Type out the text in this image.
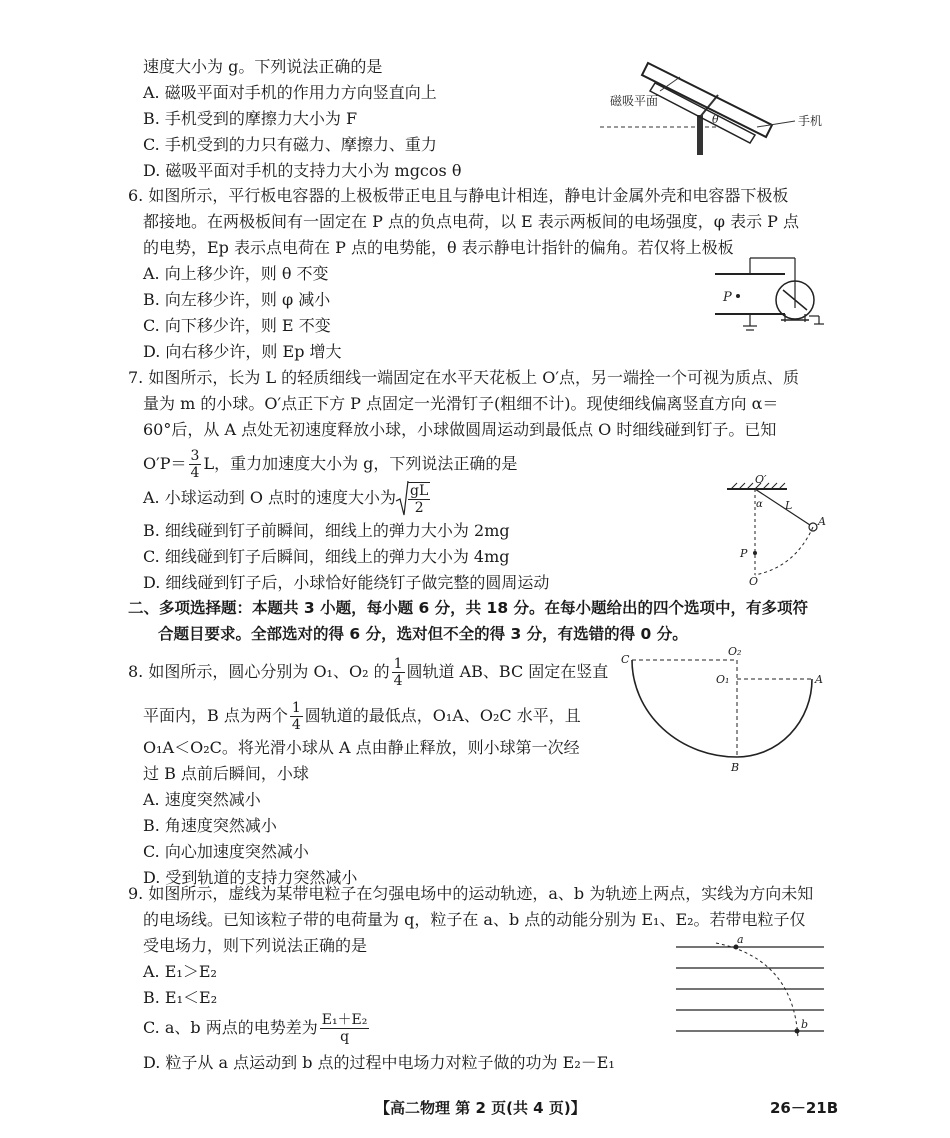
速度大小为 g。下列说法正确的是
A. 磁吸平面对手机的作用力方向竖直向上
B. 手机受到的摩擦力大小为 F
C. 手机受到的力只有磁力、摩擦力、重力
D. 磁吸平面对手机的支持力大小为 mgcos θ
磁吸平面
手机
θ
6. 如图所示，平行板电容器的上极板带正电且与静电计相连，静电计金属外壳和电容器下极板
都接地。在两极板间有一固定在 P 点的负点电荷，以 E 表示两板间的电场强度，φ 表示 P 点
的电势，Ep 表示点电荷在 P 点的电势能，θ 表示静电计指针的偏角。若仅将上极板
A. 向上移少许，则 θ 不变
B. 向左移少许，则 φ 减小
C. 向下移少许，则 E 不变
D. 向右移少许，则 Ep 增大
P
7. 如图所示，长为 L 的轻质细线一端固定在水平天花板上 O′点，另一端拴一个可视为质点、质
量为 m 的小球。O′点正下方 P 点固定一光滑钉子(粗细不计)。现使细线偏离竖直方向 α＝
60°后，从 A 点处无初速度释放小球，小球做圆周运动到最低点 O 时细线碰到钉子。已知
$O'P= \frac{3}{4}$ L，重力加速度大小为 g，下列说法正确的是
A. 小球运动到 O 点时的速度大小为 $\frac{gL}{2}$
B. 细线碰到钉子前瞬间，细线上的弹力大小为 2mg
C. 细线碰到钉子后瞬间，细线上的弹力大小为 4mg
D. 细线碰到钉子后，小球恰好能绕钉子做完整的圆周运动
O′
α L
A
P
O
二、多项选择题：本题共 3 小题，每小题 6 分，共 18 分。在每小题给出的四个选项中，有多项符
合题目要求。全部选对的得 6 分，选对但不全的得 3 分，有选错的得 0 分。
8. 如图所示，圆心分别为 O₁、O₂ 的 $\frac{1}{4}$ 圆轨道 AB、BC 固定在竖直
平面内，B 点为两个 $\frac{1}{4}$ 圆轨道的最低点，O₁A、O₂C 水平，且
O₁A＜O₂C。将光滑小球从 A 点由静止释放，则小球第一次经
过 B 点前后瞬间，小球
A. 速度突然减小
B. 角速度突然减小
C. 向心加速度突然减小
D. 受到轨道的支持力突然减小
C
O₂
O₁	A
B
9. 如图所示，虚线为某带电粒子在匀强电场中的运动轨迹，a、b 为轨迹上两点，实线为方向未知
的电场线。已知该粒子带的电荷量为 q，粒子在 a、b 点的动能分别为 E₁、E₂。若带电粒子仅
受电场力，则下列说法正确的是
A. E₁＞E₂
B. E₁＜E₂
C. a、b 两点的电势差为 $\frac{\text{E₁＋E₂}}{q}$
D. 粒子从 a 点运动到 b 点的过程中电场力对粒子做的功为 E₂－E₁
a
b
【高二物理 第 2 页(共 4 页)】	26－21B
